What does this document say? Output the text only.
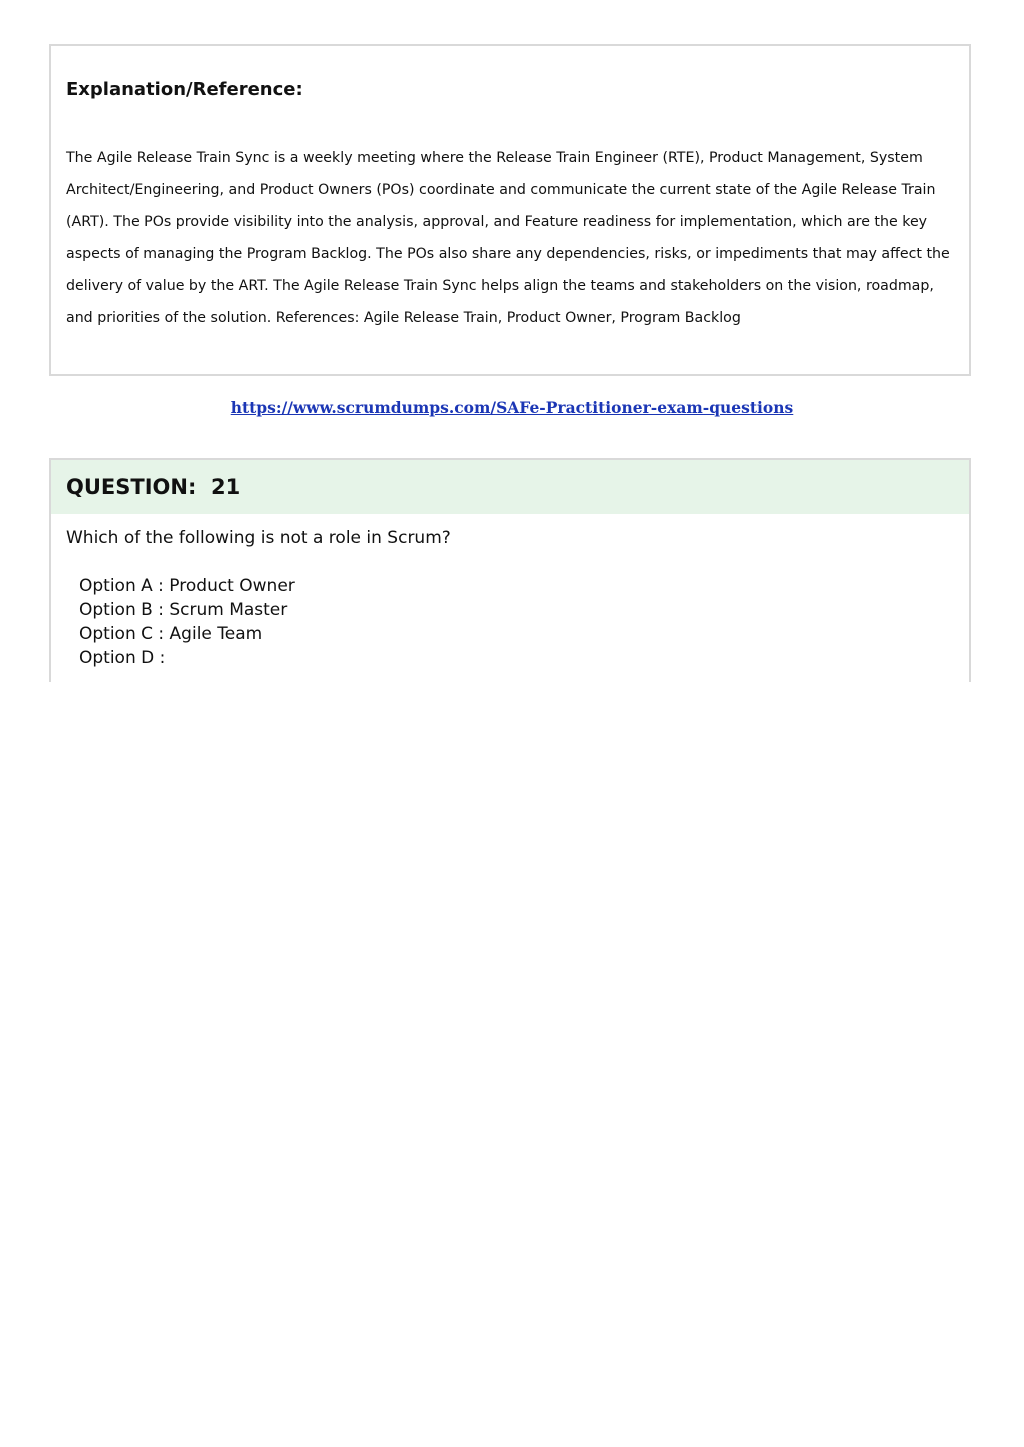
Explanation/Reference:
The Agile Release Train Sync is a weekly meeting where the Release Train Engineer (RTE), Product Management, System Architect/Engineering, and Product Owners (POs) coordinate and communicate the current state of the Agile Release Train (ART). The POs provide visibility into the analysis, approval, and Feature readiness for implementation, which are the key aspects of managing the Program Backlog. The POs also share any dependencies, risks, or impediments that may affect the delivery of value by the ART. The Agile Release Train Sync helps align the teams and stakeholders on the vision, roadmap, and priorities of the solution. References: Agile Release Train, Product Owner, Program Backlog
https://www.scrumdumps.com/SAFe-Practitioner-exam-questions
QUESTION:  21
Which of the following is not a role in Scrum?
Option A : Product Owner
Option B : Scrum Master
Option C : Agile Team
Option D :
